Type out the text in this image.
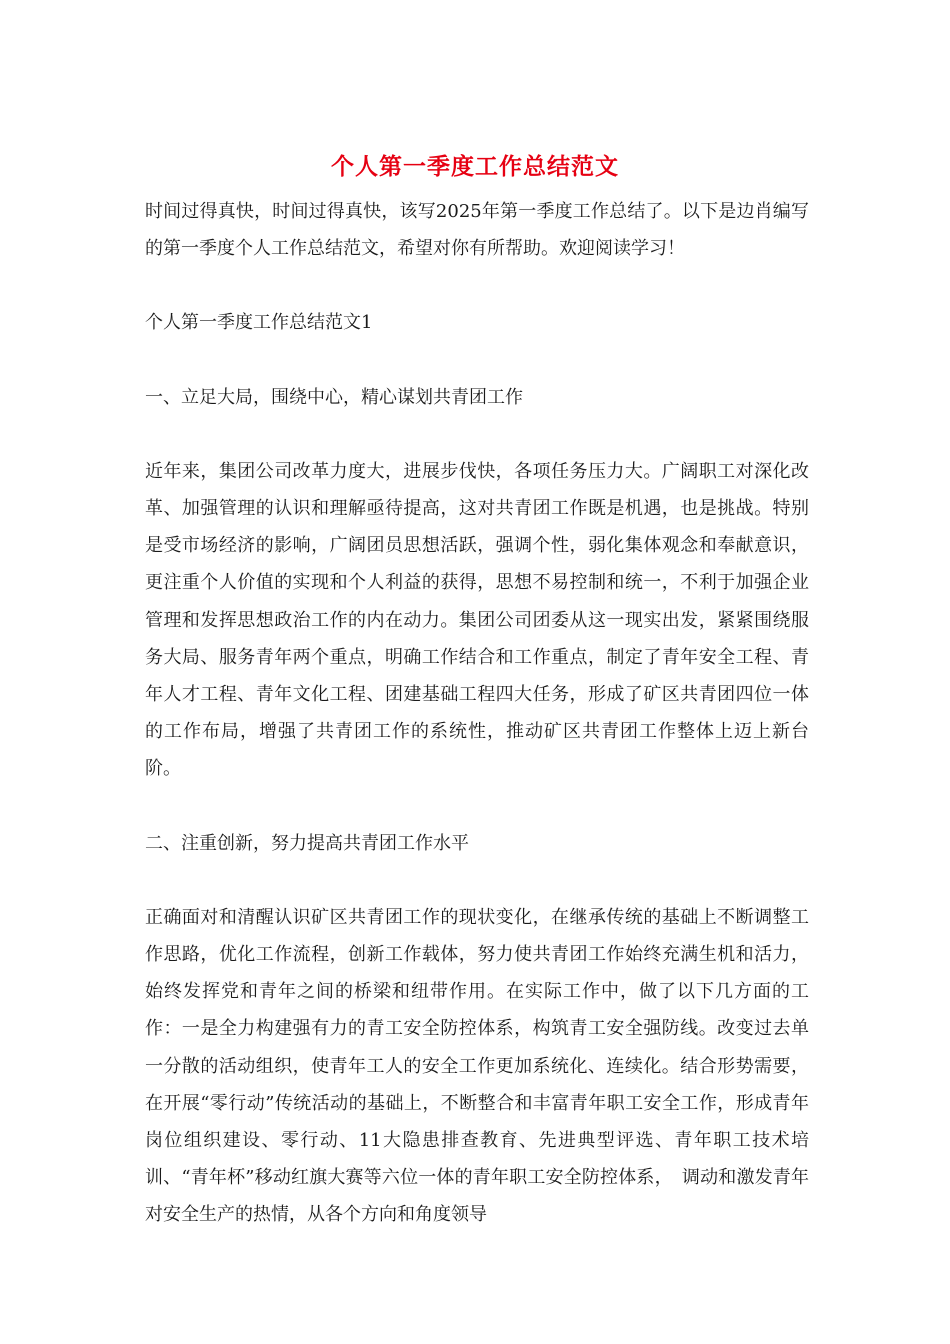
个人第一季度工作总结范文

时间过得真快，时间过得真快，该写2025年第一季度工作总结了。以下是边肖编写的第一季度个人工作总结范文，希望对你有所帮助。欢迎阅读学习！

个人第一季度工作总结范文1

一、立足大局，围绕中心，精心谋划共青团工作

近年来，集团公司改革力度大，进展步伐快，各项任务压力大。广阔职工对深化改革、加强管理的认识和理解亟待提高，这对共青团工作既是机遇，也是挑战。特别是受市场经济的影响，广阔团员思想活跃，强调个性，弱化集体观念和奉献意识，更注重个人价值的实现和个人利益的获得，思想不易控制和统一，不利于加强企业管理和发挥思想政治工作的内在动力。集团公司团委从这一现实出发，紧紧围绕服务大局、服务青年两个重点，明确工作结合和工作重点，制定了青年安全工程、青年人才工程、青年文化工程、团建基础工程四大任务，形成了矿区共青团四位一体的工作布局，增强了共青团工作的系统性，推动矿区共青团工作整体上迈上新台阶。

二、注重创新，努力提高共青团工作水平

正确面对和清醒认识矿区共青团工作的现状变化，在继承传统的基础上不断调整工作思路，优化工作流程，创新工作载体，努力使共青团工作始终充满生机和活力，始终发挥党和青年之间的桥梁和纽带作用。在实际工作中，做了以下几方面的工作：一是全力构建强有力的青工安全防控体系，构筑青工安全强防线。改变过去单一分散的活动组织，使青年工人的安全工作更加系统化、连续化。结合形势需要，在开展“零行动”传统活动的基础上，不断整合和丰富青年职工安全工作，形成青年岗位组织建设、零行动、11大隐患排查教育、先进典型评选、青年职工技术培训、“青年杯”移动红旗大赛等六位一体的青年职工安全防控体系，　调动和激发青年对安全生产的热情，从各个方向和角度领导
